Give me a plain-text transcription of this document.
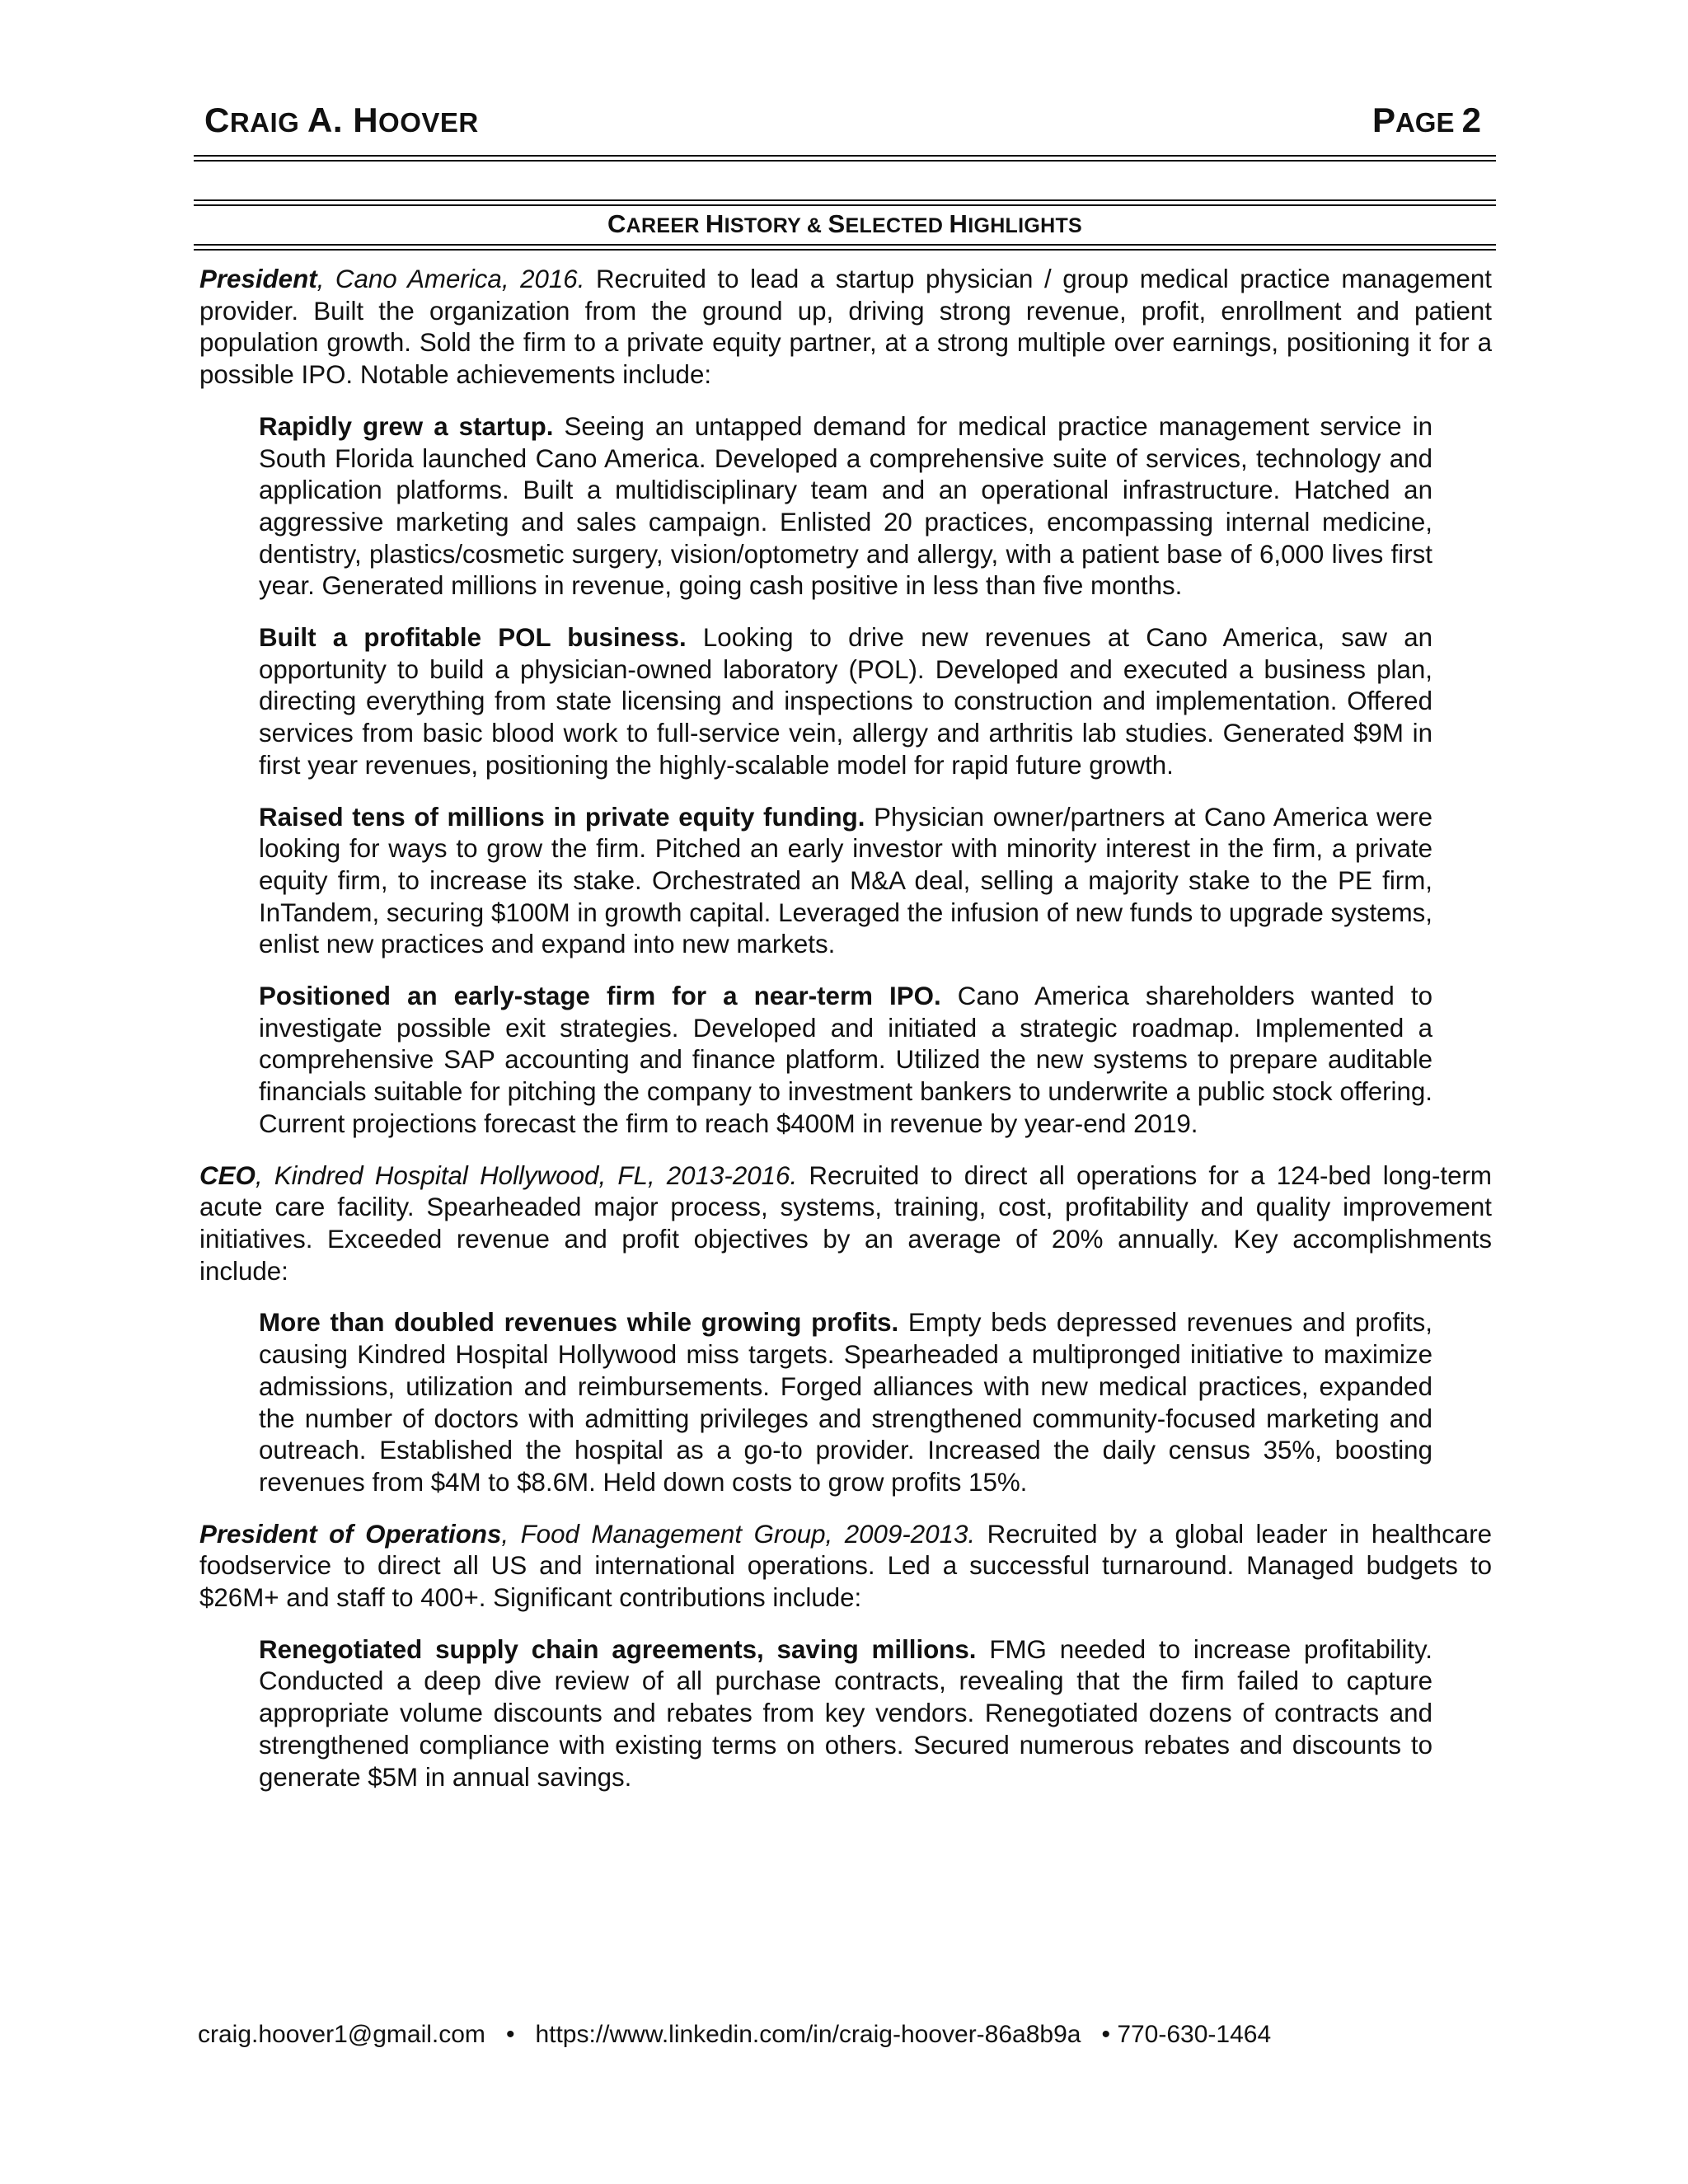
CRAIG A. HOOVER	PAGE 2
CAREER HISTORY & SELECTED HIGHLIGHTS

President, Cano America, 2016. Recruited to lead a startup physician / group medical practice management provider. Built the organization from the ground up, driving strong revenue, profit, enrollment and patient population growth. Sold the firm to a private equity partner, at a strong multiple over earnings, positioning it for a possible IPO. Notable achievements include:

Rapidly grew a startup. Seeing an untapped demand for medical practice management service in South Florida launched Cano America. Developed a comprehensive suite of services, technology and application platforms. Built a multidisciplinary team and an operational infrastructure. Hatched an aggressive marketing and sales campaign. Enlisted 20 practices, encompassing internal medicine, dentistry, plastics/cosmetic surgery, vision/optometry and allergy, with a patient base of 6,000 lives first year. Generated millions in revenue, going cash positive in less than five months.

Built a profitable POL business. Looking to drive new revenues at Cano America, saw an opportunity to build a physician-owned laboratory (POL). Developed and executed a business plan, directing everything from state licensing and inspections to construction and implementation. Offered services from basic blood work to full-service vein, allergy and arthritis lab studies. Generated $9M in first year revenues, positioning the highly-scalable model for rapid future growth.

Raised tens of millions in private equity funding. Physician owner/partners at Cano America were looking for ways to grow the firm. Pitched an early investor with minority interest in the firm, a private equity firm, to increase its stake. Orchestrated an M&A deal, selling a majority stake to the PE firm, InTandem, securing $100M in growth capital. Leveraged the infusion of new funds to upgrade systems, enlist new practices and expand into new markets.

Positioned an early-stage firm for a near-term IPO. Cano America shareholders wanted to investigate possible exit strategies. Developed and initiated a strategic roadmap. Implemented a comprehensive SAP accounting and finance platform. Utilized the new systems to prepare auditable financials suitable for pitching the company to investment bankers to underwrite a public stock offering. Current projections forecast the firm to reach $400M in revenue by year-end 2019.

CEO, Kindred Hospital Hollywood, FL, 2013-2016. Recruited to direct all operations for a 124-bed long-term acute care facility. Spearheaded major process, systems, training, cost, profitability and quality improvement initiatives. Exceeded revenue and profit objectives by an average of 20% annually. Key accomplishments include:

More than doubled revenues while growing profits. Empty beds depressed revenues and profits, causing Kindred Hospital Hollywood miss targets. Spearheaded a multipronged initiative to maximize admissions, utilization and reimbursements. Forged alliances with new medical practices, expanded the number of doctors with admitting privileges and strengthened community-focused marketing and outreach. Established the hospital as a go-to provider. Increased the daily census 35%, boosting revenues from $4M to $8.6M. Held down costs to grow profits 15%.

President of Operations, Food Management Group, 2009-2013. Recruited by a global leader in healthcare foodservice to direct all US and international operations. Led a successful turnaround. Managed budgets to $26M+ and staff to 400+. Significant contributions include:

Renegotiated supply chain agreements, saving millions. FMG needed to increase profitability. Conducted a deep dive review of all purchase contracts, revealing that the firm failed to capture appropriate volume discounts and rebates from key vendors. Renegotiated dozens of contracts and strengthened compliance with existing terms on others. Secured numerous rebates and discounts to generate $5M in annual savings.

craig.hoover1@gmail.com   •   https://www.linkedin.com/in/craig-hoover-86a8b9a   • 770-630-1464
